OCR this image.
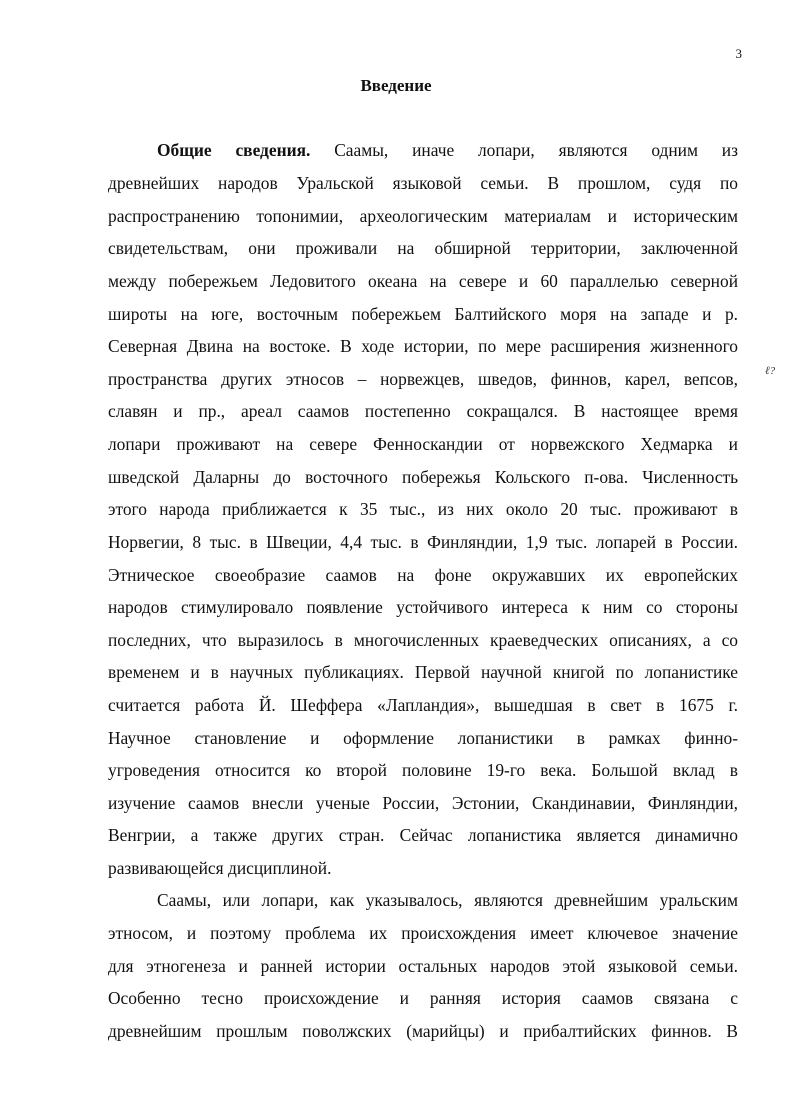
3
Введение
Общие сведения. Саамы, иначе лопари, являются одним из
древнейших народов Уральской языковой семьи. В прошлом, судя по
распространению топонимии, археологическим материалам и историческим
свидетельствам, они проживали на обширной территории, заключенной
между побережьем Ледовитого океана на севере и 60 параллелью северной
широты на юге, восточным побережьем Балтийского моря на западе и р.
Северная Двина на востоке. В ходе истории, по мере расширения жизненного
пространства других этносов – норвежцев, шведов, финнов, карел, вепсов,
славян и пр., ареал саамов постепенно сокращался. В настоящее время
лопари проживают на севере Фенноскандии от норвежского Хедмарка и
шведской Даларны до восточного побережья Кольского п-ова. Численность
этого народа приближается к 35 тыс., из них около 20 тыс. проживают в
Норвегии, 8 тыс. в Швеции, 4,4 тыс. в Финляндии, 1,9 тыс. лопарей в России.
Этническое своеобразие саамов на фоне окружавших их европейских
народов стимулировало появление устойчивого интереса к ним со стороны
последних, что выразилось в многочисленных краеведческих описаниях, а со
временем и в научных публикациях. Первой научной книгой по лопанистике
считается работа Й. Шеффера «Лапландия», вышедшая в свет в 1675 г.
Научное становление и оформление лопанистики в рамках финно-
угроведения относится ко второй половине 19-го века. Большой вклад в
изучение саамов внесли ученые России, Эстонии, Скандинавии, Финляндии,
Венгрии, а также других стран. Сейчас лопанистика является динамично
развивающейся дисциплиной.
Саамы, или лопари, как указывалось, являются древнейшим уральским
этносом, и поэтому проблема их происхождения имеет ключевое значение
для этногенеза и ранней истории остальных народов этой языковой семьи.
Особенно тесно происхождение и ранняя история саамов связана с
древнейшим прошлым поволжских (марийцы) и прибалтийских финнов. В
ℓ?
